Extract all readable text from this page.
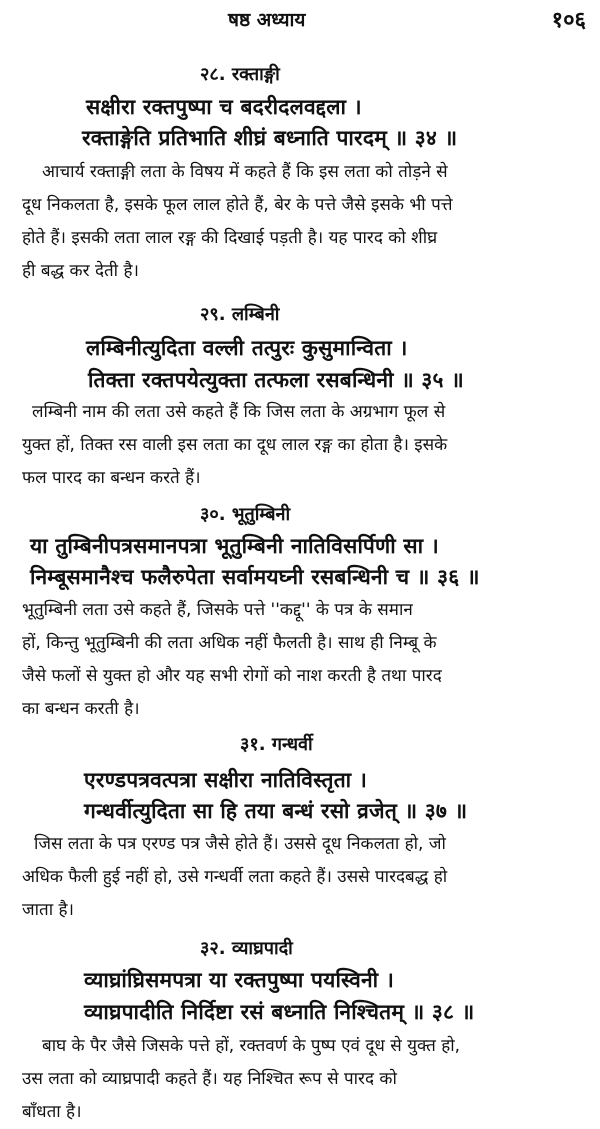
षष्ठ अध्याय	१०६
२८. रक्ताङ्गी
सक्षीरा रक्तपुष्पा च बदरीदलवद्दला ।
रक्ताङ्गेति प्रतिभाति शीघ्रं बध्नाति पारदम् ॥ ३४ ॥
आचार्य रक्ताङ्गी लता के विषय में कहते हैं कि इस लता को तोड़ने से
दूध निकलता है, इसके फूल लाल होते हैं, बेर के पत्ते जैसे इसके भी पत्ते
होते हैं। इसकी लता लाल रङ्ग की दिखाई पड़ती है। यह पारद को शीघ्र
ही बद्ध कर देती है।
२९. लम्बिनी
लम्बिनीत्युदिता वल्ली तत्पुरः कुसुमान्विता ।
तिक्ता रक्तपयेत्युक्ता तत्फला रसबन्धिनी ॥ ३५ ॥
लम्बिनी नाम की लता उसे कहते हैं कि जिस लता के अग्रभाग फूल से
युक्त हों, तिक्त रस वाली इस लता का दूध लाल रङ्ग का होता है। इसके
फल पारद का बन्धन करते हैं।
३०. भूतुम्बिनी
या तुम्बिनीपत्रसमानपत्रा भूतुम्बिनी नातिविसर्पिणी सा ।
निम्बूसमानैश्च फलैरुपेता सर्वामयघ्नी रसबन्धिनी च ॥ ३६ ॥
भूतुम्बिनी लता उसे कहते हैं, जिसके पत्ते ''कद्दू'' के पत्र के समान
हों, किन्तु भूतुम्बिनी की लता अधिक नहीं फैलती है। साथ ही निम्बू के
जैसे फलों से युक्त हो और यह सभी रोगों को नाश करती है तथा पारद
का बन्धन करती है।
३१. गन्धर्वी
एरण्डपत्रवत्पत्रा सक्षीरा नातिविस्तृता ।
गन्धर्वीत्युदिता सा हि तया बन्धं रसो व्रजेत् ॥ ३७ ॥
जिस लता के पत्र एरण्ड पत्र जैसे होते हैं। उससे दूध निकलता हो, जो
अधिक फैली हुई नहीं हो, उसे गन्धर्वी लता कहते हैं। उससे पारदबद्ध हो
जाता है।
३२. व्याघ्रपादी
व्याघ्रांघ्रिसमपत्रा या रक्तपुष्पा पयस्विनी ।
व्याघ्रपादीति निर्दिष्टा रसं बध्नाति निश्चितम् ॥ ३८ ॥
बाघ के पैर जैसे जिसके पत्ते हों, रक्तवर्ण के पुष्प एवं दूध से युक्त हो,
उस लता को व्याघ्रपादी कहते हैं। यह निश्चित रूप से पारद को
बाँधता है।
